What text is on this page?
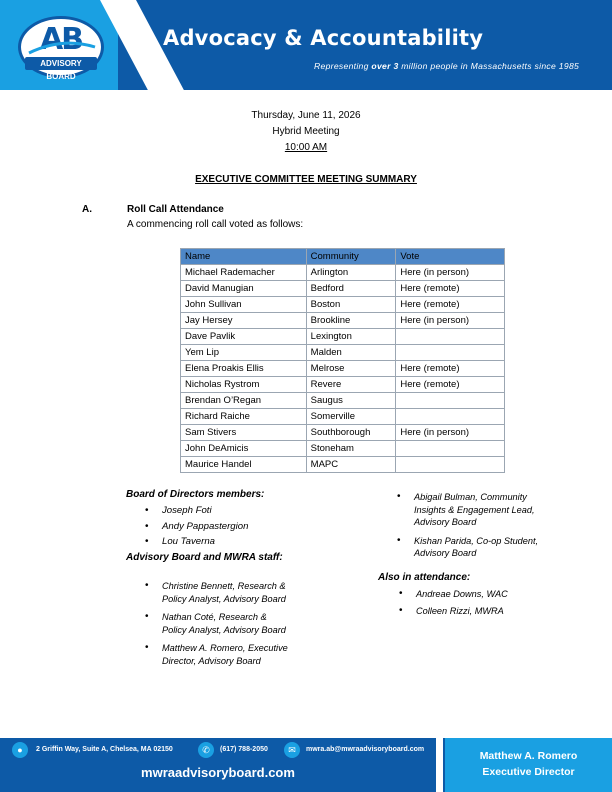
AB
ADVISORY BOARD
Advocacy & Accountability
Representing over 3 million people in Massachusetts since 1985
Thursday, June 11, 2026
Hybrid Meeting
10:00 AM
EXECUTIVE COMMITTEE MEETING SUMMARY
A.	Roll Call Attendance
A commencing roll call voted as follows:
Name	Community	Vote
Michael Rademacher	Arlington	Here (in person)
David Manugian	Bedford	Here (remote)
John Sullivan	Boston	Here (remote)
Jay Hersey	Brookline	Here (in person)
Dave Pavlik	Lexington	
Yem Lip	Malden	
Elena Proakis Ellis	Melrose	Here (remote)
Nicholas Rystrom	Revere	Here (remote)
Brendan O’Regan	Saugus	
Richard Raiche	Somerville	
Sam Stivers	Southborough	Here (in person)
John DeAmicis	Stoneham	
Maurice Handel	MAPC	
Board of Directors members:
• Joseph Foti
• Andy Pappastergion
• Lou Taverna
Advisory Board and MWRA staff:
• Christine Bennett, Research & Policy Analyst, Advisory Board
• Nathan Coté, Research & Policy Analyst, Advisory Board
• Matthew A. Romero, Executive Director, Advisory Board
• Abigail Bulman, Community Insights & Engagement Lead, Advisory Board
• Kishan Parida, Co-op Student, Advisory Board
Also in attendance:
• Andreae Downs, WAC
• Colleen Rizzi, MWRA
●	2 Griffin Way, Suite A, Chelsea, MA 02150	✆	(617) 788-2050	✉	mwra.ab@mwraadvisoryboard.com
mwraadvisoryboard.com
Matthew A. Romero
Executive Director
